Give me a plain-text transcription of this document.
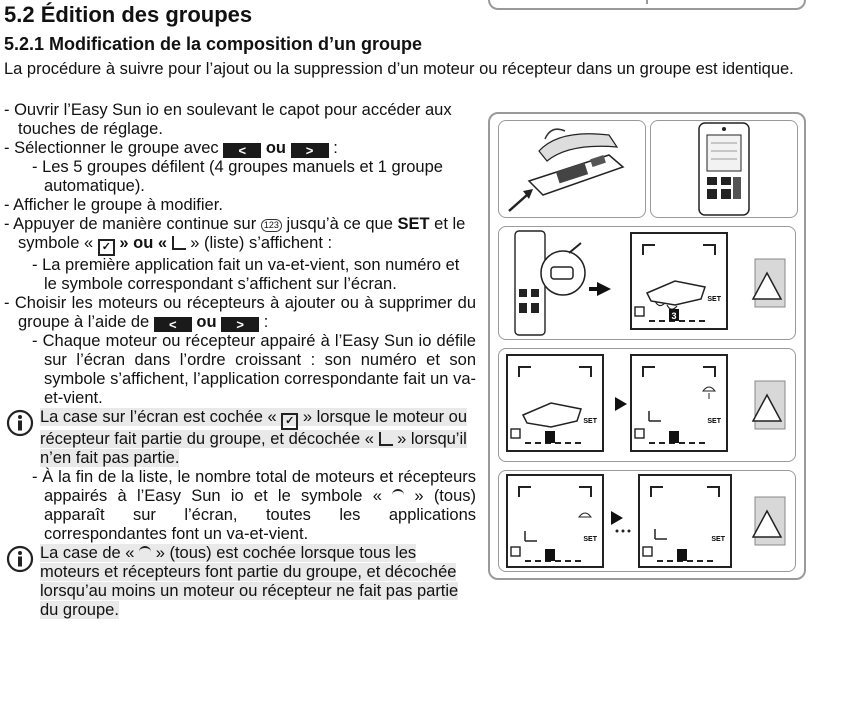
5.2 Édition des groupes
5.2.1 Modification de la composition d’un groupe

La procédure à suivre pour l’ajout ou la suppression d’un moteur ou récepteur dans un groupe est identique.

- Ouvrir l’Easy Sun io en soulevant le capot pour accéder aux touches de réglage.

- Sélectionner le groupe avec < ou > :

- Les 5 groupes défilent (4 groupes manuels et 1 groupe automatique).

- Afficher le groupe à modifier.

- Appuyer de manière continue sur 123 jusqu’à ce que SET et le symbole « ✓ » ou « » (liste) s’affichent :

- La première application fait un va-et-vient, son numéro et le symbole correspondant s’affichent sur l’écran.

- Choisir les moteurs ou récepteurs à ajouter ou à supprimer du groupe à l’aide de < ou > :

- Chaque moteur ou récepteur appairé à l’Easy Sun io défile sur l’écran dans l’ordre croissant : son numéro et son symbole s’affichent, l’application correspondante fait un va-et-vient.

La case sur l’écran est cochée « ✓ » lorsque le moteur ou récepteur fait partie du groupe, et décochée « » lorsqu’il n’en fait pas partie.

- À la fin de la liste, le nombre total de moteurs et récepteurs appairés à l’Easy Sun io et le symbole « » (tous) apparaît sur l’écran, toutes les applications correspondantes font un va-et-vient.

La case de « » (tous) est cochée lorsque tous les moteurs et récepteurs font partie du groupe, et décochée lorsqu’au moins un moteur ou récepteur ne fait pas partie du groupe.
3
SET
SET	SET
SET	SET
